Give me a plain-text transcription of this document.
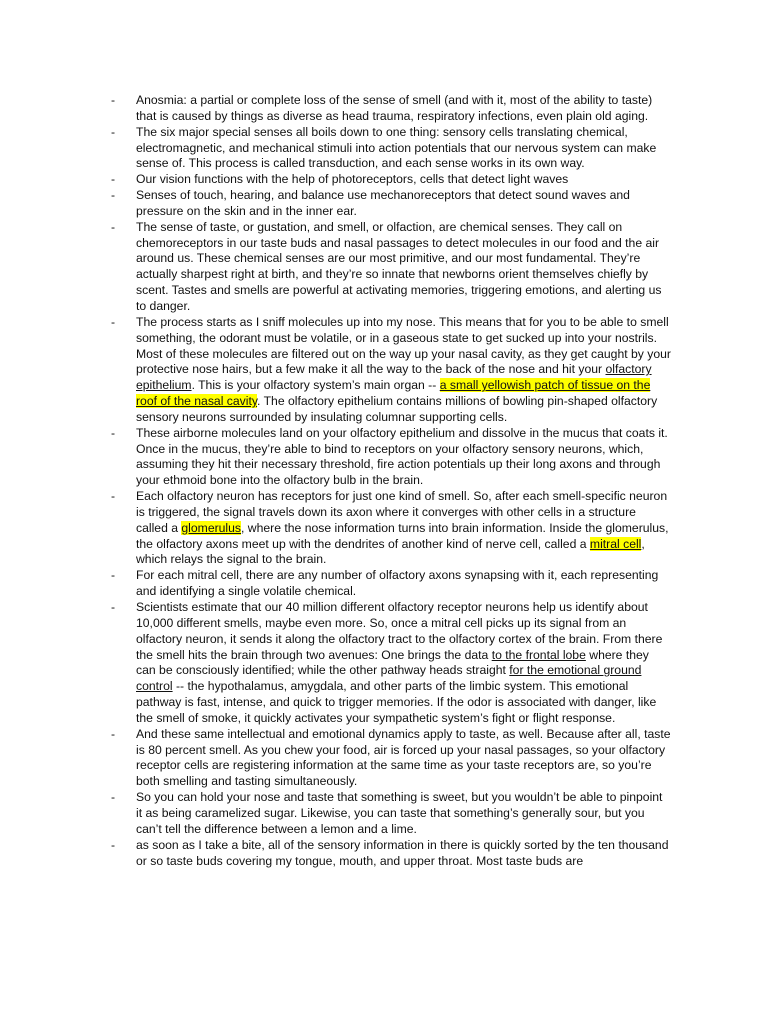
- Anosmia: a partial or complete loss of the sense of smell (and with it, most of the ability to taste) that is caused by things as diverse as head trauma, respiratory infections, even plain old aging.
- The six major special senses all boils down to one thing: sensory cells translating chemical, electromagnetic, and mechanical stimuli into action potentials that our nervous system can make sense of. This process is called transduction, and each sense works in its own way.
- Our vision functions with the help of photoreceptors, cells that detect light waves
- Senses of touch, hearing, and balance use mechanoreceptors that detect sound waves and pressure on the skin and in the inner ear.
- The sense of taste, or gustation, and smell, or olfaction, are chemical senses. They call on chemoreceptors in our taste buds and nasal passages to detect molecules in our food and the air around us. These chemical senses are our most primitive, and our most fundamental. They’re actually sharpest right at birth, and they’re so innate that newborns orient themselves chiefly by scent. Tastes and smells are powerful at activating memories, triggering emotions, and alerting us to danger.
- The process starts as I sniff molecules up into my nose. This means that for you to be able to smell something, the odorant must be volatile, or in a gaseous state to get sucked up into your nostrils. Most of these molecules are filtered out on the way up your nasal cavity, as they get caught by your protective nose hairs, but a few make it all the way to the back of the nose and hit your olfactory epithelium. This is your olfactory system’s main organ -- a small yellowish patch of tissue on the roof of the nasal cavity. The olfactory epithelium contains millions of bowling pin-shaped olfactory sensory neurons surrounded by insulating columnar supporting cells.
- These airborne molecules land on your olfactory epithelium and dissolve in the mucus that coats it. Once in the mucus, they’re able to bind to receptors on your olfactory sensory neurons, which, assuming they hit their necessary threshold, fire action potentials up their long axons and through your ethmoid bone into the olfactory bulb in the brain.
- Each olfactory neuron has receptors for just one kind of smell. So, after each smell-specific neuron is triggered, the signal travels down its axon where it converges with other cells in a structure called a glomerulus, where the nose information turns into brain information. Inside the glomerulus, the olfactory axons meet up with the dendrites of another kind of nerve cell, called a mitral cell, which relays the signal to the brain.
- For each mitral cell, there are any number of olfactory axons synapsing with it, each representing and identifying a single volatile chemical.
- Scientists estimate that our 40 million different olfactory receptor neurons help us identify about 10,000 different smells, maybe even more. So, once a mitral cell picks up its signal from an olfactory neuron, it sends it along the olfactory tract to the olfactory cortex of the brain. From there the smell hits the brain through two avenues: One brings the data to the frontal lobe where they can be consciously identified; while the other pathway heads straight for the emotional ground control -- the hypothalamus, amygdala, and other parts of the limbic system. This emotional pathway is fast, intense, and quick to trigger memories. If the odor is associated with danger, like the smell of smoke, it quickly activates your sympathetic system’s fight or flight response.
- And these same intellectual and emotional dynamics apply to taste, as well. Because after all, taste is 80 percent smell. As you chew your food, air is forced up your nasal passages, so your olfactory receptor cells are registering information at the same time as your taste receptors are, so you’re both smelling and tasting simultaneously.
- So you can hold your nose and taste that something is sweet, but you wouldn’t be able to pinpoint it as being caramelized sugar. Likewise, you can taste that something’s generally sour, but you can’t tell the difference between a lemon and a lime.
- as soon as I take a bite, all of the sensory information in there is quickly sorted by the ten thousand or so taste buds covering my tongue, mouth, and upper throat. Most taste buds are
